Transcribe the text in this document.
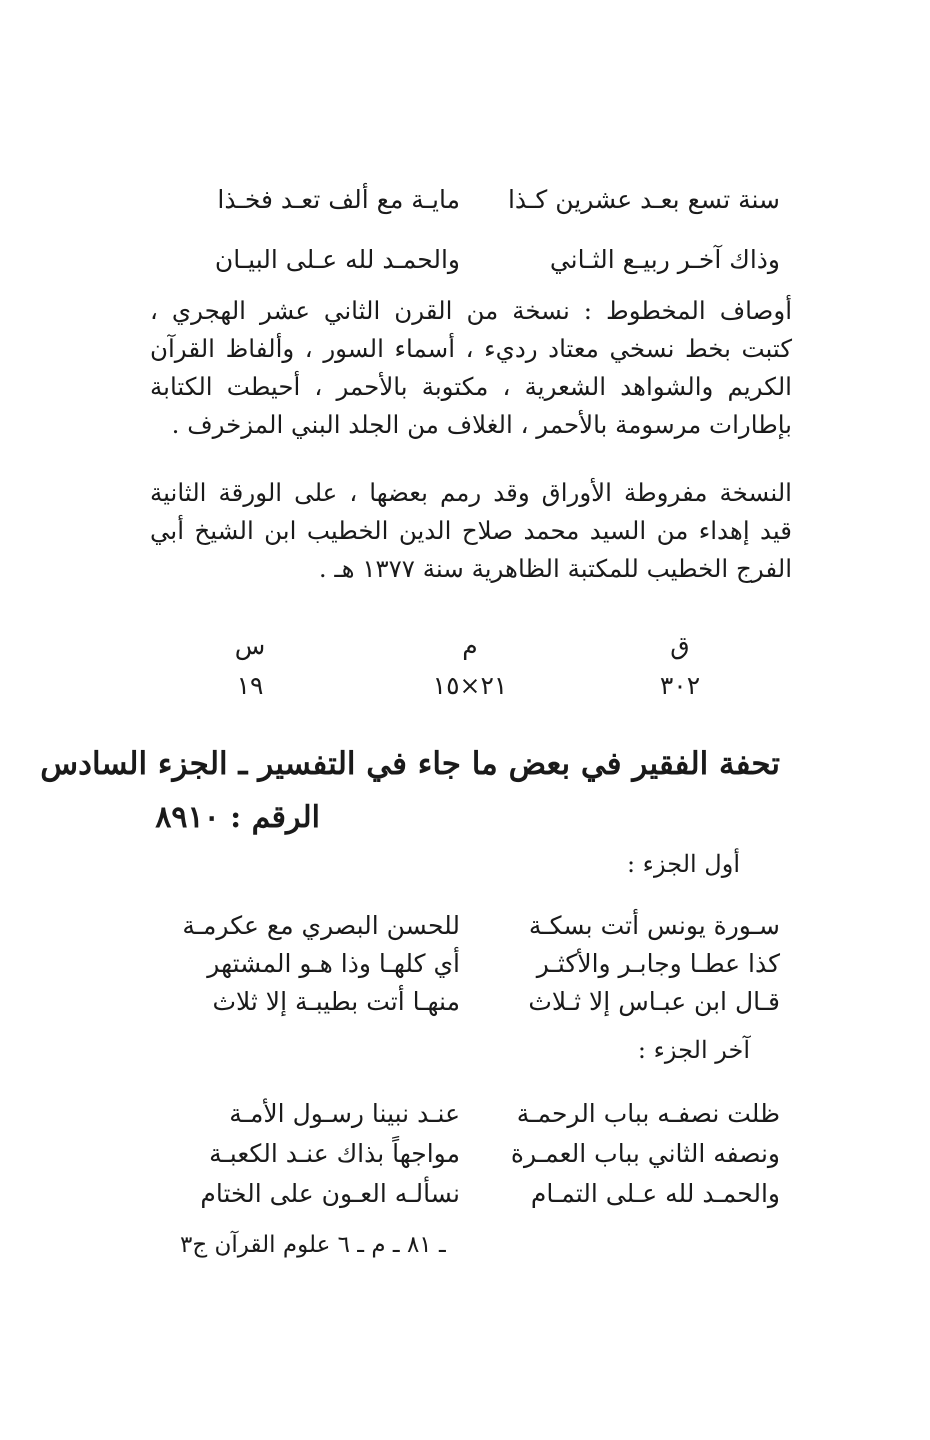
سنة تسع بعـد عشرين كـذا
مايـة مع ألف تعـد فخـذا
وذاك آخـر ربيـع الثـاني
والحمـد لله عـلى البيـان
أوصاف المخطوط : نسخة من القرن الثاني عشر الهجري ، كتبت بخط نسخي معتاد رديء ، أسماء السور ، وألفاظ القرآن الكريم والشواهد الشعرية ، مكتوبة بالأحمر ، أحيطت الكتابة بإطارات مرسومة بالأحمر ، الغلاف من الجلد البني المزخرف .
النسخة مفروطة الأوراق وقد رمم بعضها ، على الورقة الثانية قيد إهداء من السيد محمد صلاح الدين الخطيب ابن الشيخ أبي الفرج الخطيب للمكتبة الظاهرية سنة ١٣٧٧ هـ .
ق
٣٠٢
م
٢١×١٥
س
١٩
تحفة الفقير في بعض ما جاء في التفسير ـ الجزء السادس
الرقم : ٨٩١٠
أول الجزء :
سـورة يونس أتت بسكـة
للحسن البصري مع عكرمـة
كذا عطـا وجابـر والأكثـر
أي كلهـا وذا هـو المشتهر
قـال ابن عبـاس إلا ثـلاث
منهـا أتت بطيبـة إلا ثلاث
آخر الجزء :
ظلت نصفـه بباب الرحمـة
عنـد نبينا رسـول الأمـة
ونصفه الثاني بباب العمـرة
مواجهاً بذاك عنـد الكعبـة
والحمـد لله عـلى التمـام
نسألـه العـون على الختام
ـ ٨١ ـ م ـ ٦ علوم القرآن ج٣
